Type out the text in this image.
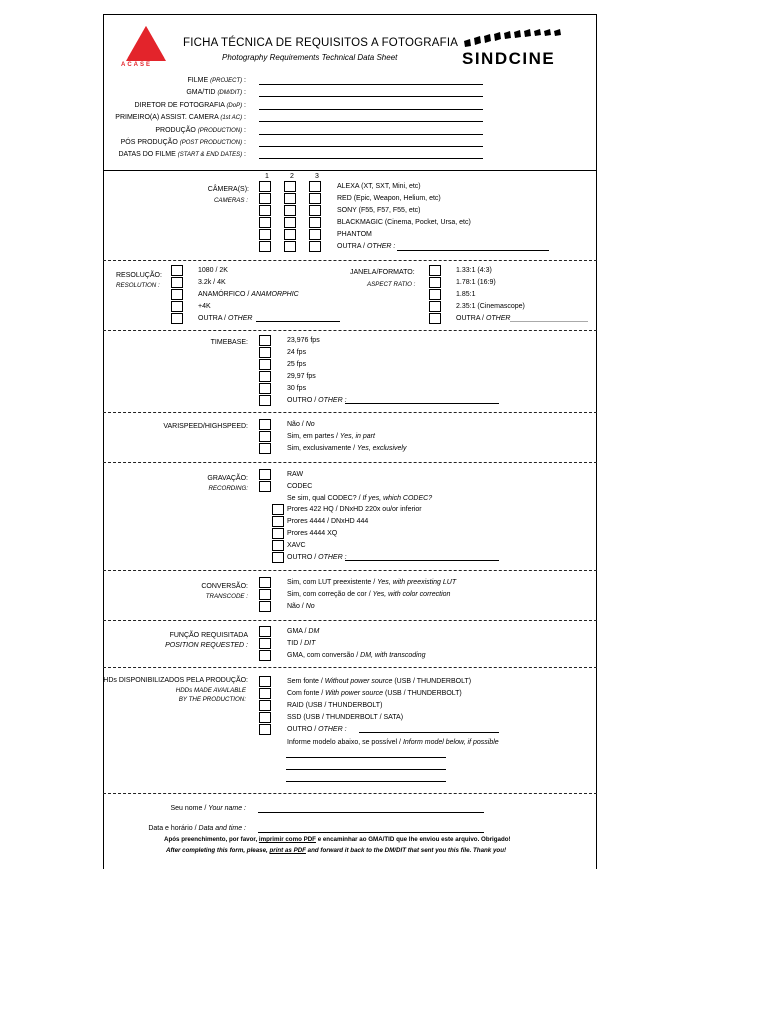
ACASE
FICHA TÉCNICA DE REQUISITOS A FOTOGRAFIA
Photography Requirements Technical Data Sheet	SINDCINE
FILME (PROJECT) :
GMA/TID (DM/DIT) :
DIRETOR DE FOTOGRAFIA (DoP) :
PRIMEIRO(A) ASSIST. CAMERA (1st AC) :
PRODUÇÃO (PRODUCTION) :
PÓS PRODUÇÃO (POST PRODUCTION) :
DATAS DO FILME (START & END DATES) :
1	2	3
CÂMERA(S):
CAMERAS :
ALEXA (XT, SXT, Mini, etc)
RED (Epic, Weapon, Helium, etc)
SONY (F55, F57, F55, etc)
BLACKMAGIC (Cinema, Pocket, Ursa, etc)
PHANTOM
OUTRA / OTHER :
RESOLUÇÃO:
RESOLUTION :
1080 / 2K
3.2k / 4K
ANAMÓRFICO / ANAMORPHIC
+4K
OUTRA / OTHER
JANELA/FORMATO:
ASPECT RATIO :
1.33:1 (4:3)
1.78:1 (16:9)
1.85:1
2.35:1 (Cinemascope)
OUTRA / OTHER
TIMEBASE:	23,976 fps
24 fps
25 fps
29,97 fps
30 fps
OUTRO / OTHER :
VARISPEED/HIGHSPEED:	Não / No
Sim, em partes / Yes, in part
Sim, exclusivamente / Yes, exclusively
GRAVAÇÃO:
RECORDING:
RAW
CODEC
Se sim, qual CODEC? / If yes, which CODEC?
Prores 422 HQ / DNxHD 220x ou/or inferior
Prores 4444 / DNxHD 444
Prores 4444 XQ
XAVC
OUTRO / OTHER :
CONVERSÃO:
TRANSCODE :
Sim, com LUT preexistente / Yes, with preexisting LUT
Sim, com correção de cor / Yes, with color correction
Não / No
FUNÇÃO REQUISITADA
POSITION REQUESTED :
GMA / DM
TID / DIT
GMA, com conversão / DM, with transcoding
HDs DISPONIBILIZADOS PELA PRODUÇÃO:
HDDs MADE AVAILABLE
BY THE PRODUCTION:
Sem fonte / Without power source (USB / THUNDERBOLT)
Com fonte / With power source (USB / THUNDERBOLT)
RAID (USB / THUNDERBOLT)
SSD (USB / THUNDERBOLT / SATA)
OUTRO / OTHER :
Informe modelo abaixo, se possível / Inform model below, if possible
Seu nome / Your name :
Data e horário / Data and time :
Após preenchimento, por favor, imprimir como PDF e encaminhar ao GMA/TID que lhe enviou este arquivo. Obrigado!
After completing this form, please, print as PDF and forward it back to the DM/DIT that sent you this file. Thank you!
